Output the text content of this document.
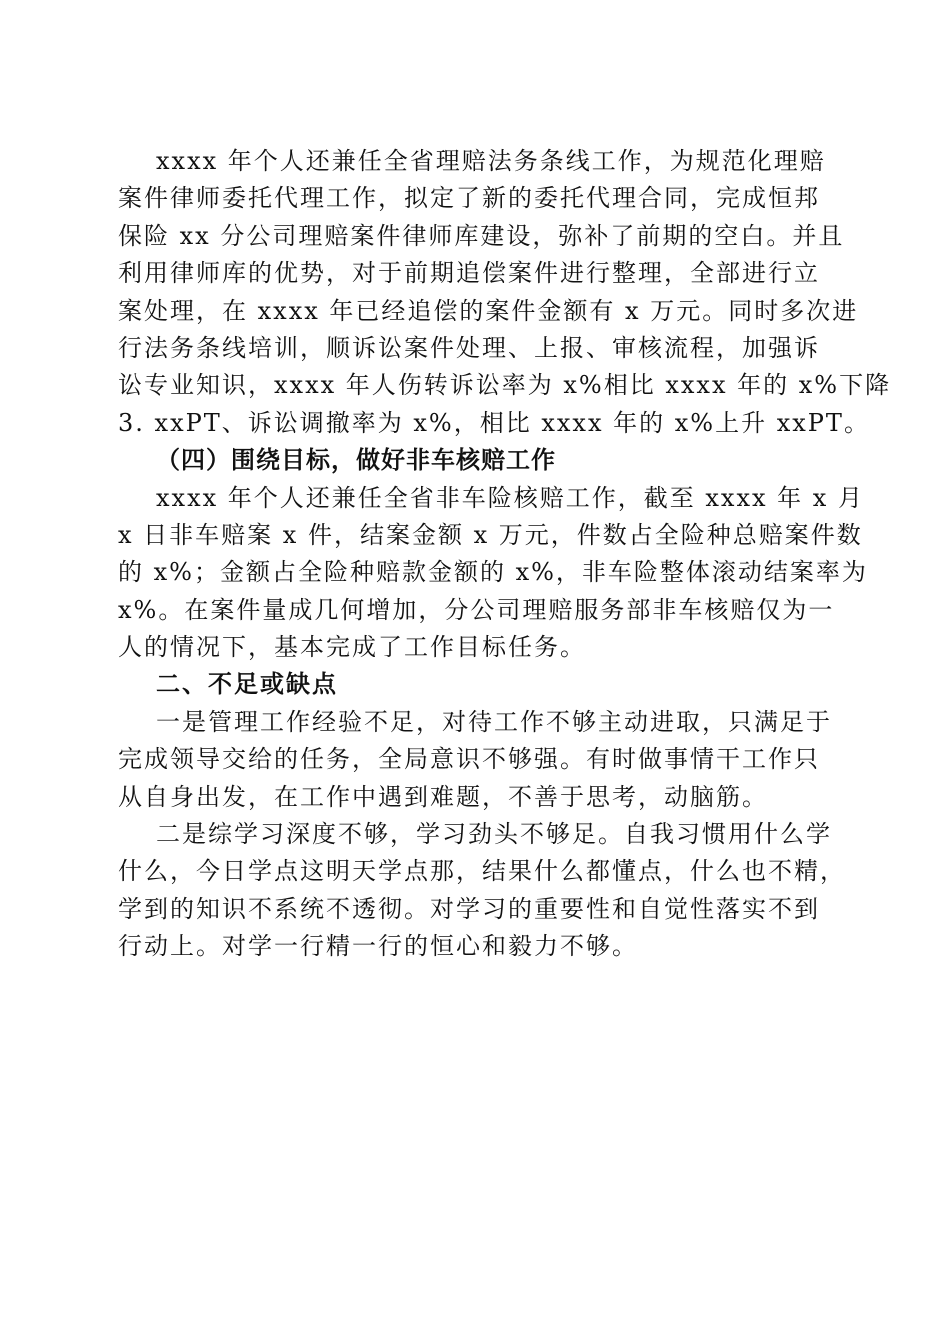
xxxx 年个人还兼任全省理赔法务条线工作，为规范化理赔
案件律师委托代理工作，拟定了新的委托代理合同，完成恒邦
保险 xx 分公司理赔案件律师库建设，弥补了前期的空白。并且
利用律师库的优势，对于前期追偿案件进行整理，全部进行立
案处理，在 xxxx 年已经追偿的案件金额有 x 万元。同时多次进
行法务条线培训，顺诉讼案件处理、上报、审核流程，加强诉
讼专业知识，xxxx 年人伤转诉讼率为 x%相比 xxxx 年的 x%下降
3. xxPT、诉讼调撤率为 x%，相比 xxxx 年的 x%上升 xxPT。
（四）围绕目标，做好非车核赔工作
xxxx 年个人还兼任全省非车险核赔工作，截至 xxxx 年 x 月
x 日非车赔案 x 件，结案金额 x 万元，件数占全险种总赔案件数
的 x%；金额占全险种赔款金额的 x%，非车险整体滚动结案率为
x%。在案件量成几何增加，分公司理赔服务部非车核赔仅为一
人的情况下，基本完成了工作目标任务。
二、不足或缺点
一是管理工作经验不足，对待工作不够主动进取，只满足于
完成领导交给的任务，全局意识不够强。有时做事情干工作只
从自身出发，在工作中遇到难题，不善于思考，动脑筋。
二是综学习深度不够，学习劲头不够足。自我习惯用什么学
什么，今日学点这明天学点那，结果什么都懂点，什么也不精，
学到的知识不系统不透彻。对学习的重要性和自觉性落实不到
行动上。对学一行精一行的恒心和毅力不够。
